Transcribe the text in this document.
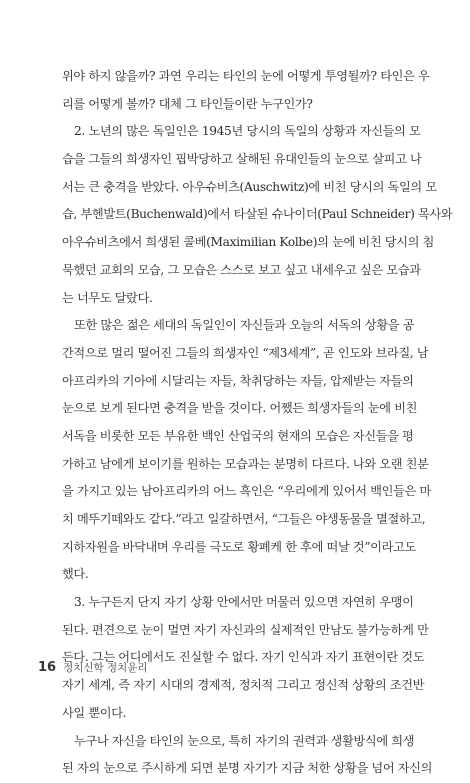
위야 하지 않을까? 과연 우리는 타인의 눈에 어떻게 투영될까? 타인은 우
리를 어떻게 볼까? 대체 그 타인들이란 누구인가?
2. 노년의 많은 독일인은 1945년 당시의 독일의 상황과 자신들의 모
습을 그들의 희생자인 핍박당하고 살해된 유대인들의 눈으로 살피고 나
서는 큰 충격을 받았다. 아우슈비츠(Auschwitz)에 비친 당시의 독일의 모
습, 부헨발트(Buchenwald)에서 타살된 슈나이더(Paul Schneider) 목사와
아우슈비츠에서 희생된 콜베(Maximilian Kolbe)의 눈에 비친 당시의 침
묵했던 교회의 모습, 그 모습은 스스로 보고 싶고 내세우고 싶은 모습과
는 너무도 달랐다.
또한 많은 젊은 세대의 독일인이 자신들과 오늘의 서독의 상황을 공
간적으로 멀리 떨어진 그들의 희생자인 “제3세계”, 곧 인도와 브라질, 남
아프리카의 기아에 시달리는 자들, 착취당하는 자들, 압제받는 자들의
눈으로 보게 된다면 충격을 받을 것이다. 어쨌든 희생자들의 눈에 비친
서독을 비롯한 모든 부유한 백인 산업국의 현재의 모습은 자신들을 평
가하고 남에게 보이기를 원하는 모습과는 분명히 다르다. 나와 오랜 친분
을 가지고 있는 남아프리카의 어느 흑인은 “우리에게 있어서 백인들은 마
치 메뚜기떼와도 같다.”라고 일갈하면서, “그들은 야생동물을 멸절하고,
지하자원을 바닥내며 우리를 극도로 황폐케 한 후에 떠날 것”이라고도
했다.
3. 누구든지 단지 자기 상황 안에서만 머물러 있으면 자연히 우맹이
된다. 편견으로 눈이 멀면 자기 자신과의 실제적인 만남도 불가능하게 만
든다. 그는 어디에서도 진실할 수 없다. 자기 인식과 자기 표현이란 것도
자기 세계, 즉 자기 시대의 경제적, 정치적 그리고 정신적 상황의 조건반
사일 뿐이다.
누구나 자신을 타인의 눈으로, 특히 자기의 권력과 생활방식에 희생
된 자의 눈으로 주시하게 되면 분명 자기가 지금 처한 상황을 넘어 자신의
16 정치신학 정치윤리
